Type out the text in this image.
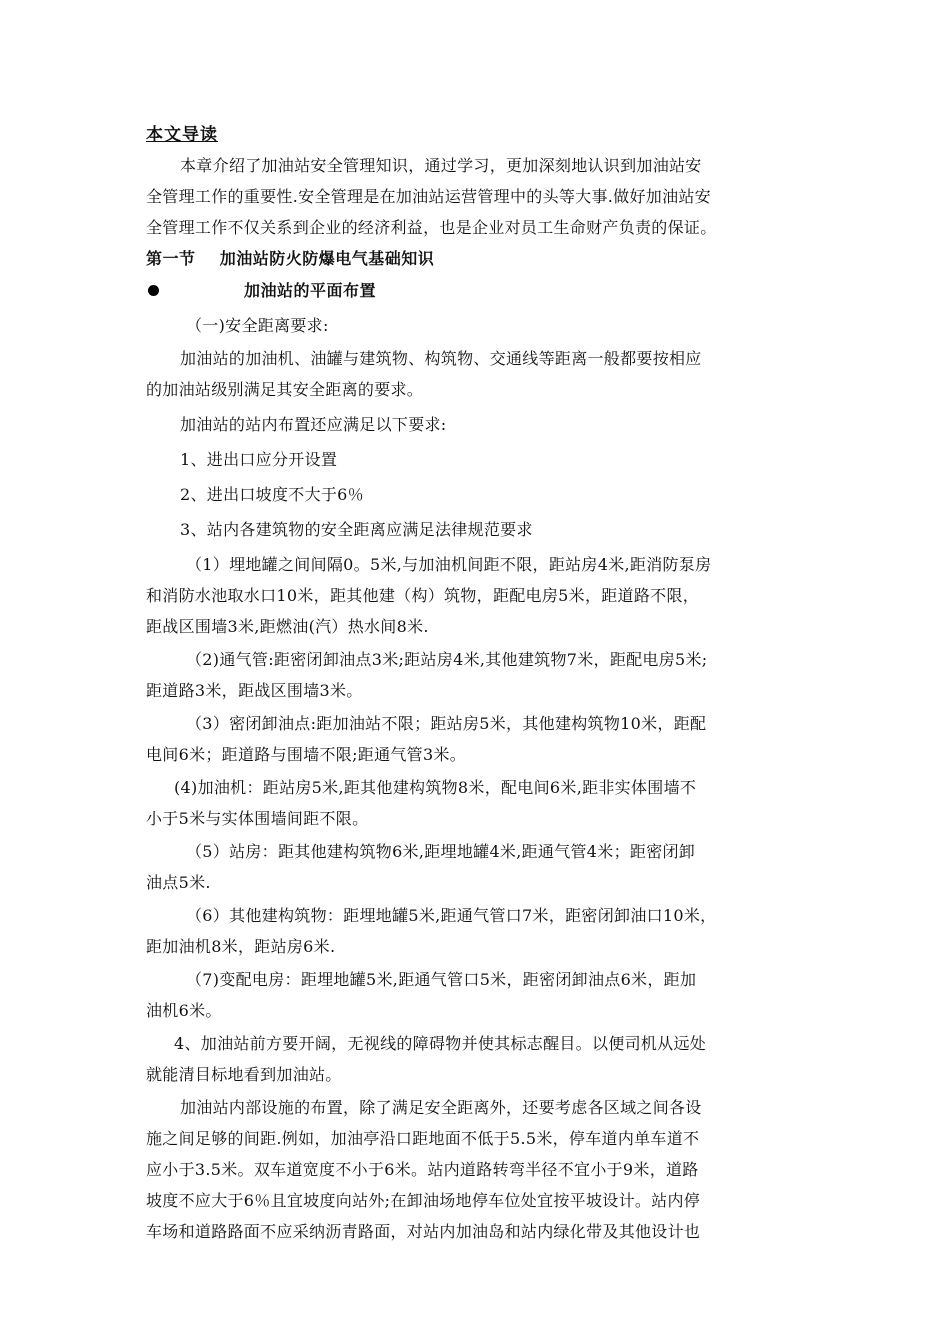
本文导读
本章介绍了加油站安全管理知识，通过学习，更加深刻地认识到加油站安
全管理工作的重要性.安全管理是在加油站运营管理中的头等大事.做好加油站安
全管理工作不仅关系到企业的经济利益，也是企业对员工生命财产负责的保证。
第一节    加油站防火防爆电气基础知识
加油站的平面布置
（一)安全距离要求:
加油站的加油机、油罐与建筑物、构筑物、交通线等距离一般都要按相应
的加油站级别满足其安全距离的要求。
加油站的站内布置还应满足以下要求:
1、进出口应分开设置
2、进出口坡度不大于6％
3、站内各建筑物的安全距离应满足法律规范要求
（1）埋地罐之间间隔0。5米,与加油机间距不限，距站房4米,距消防泵房
和消防水池取水口10米，距其他建（构）筑物，距配电房5米，距道路不限，
距战区围墙3米,距燃油(汽）热水间8米.
（2)通气管:距密闭卸油点3米;距站房4米,其他建筑物7米，距配电房5米;
距道路3米，距战区围墙3米。
（3）密闭卸油点:距加油站不限；距站房5米，其他建构筑物10米，距配
电间6米；距道路与围墙不限;距通气管3米。
(4)加油机：距站房5米,距其他建构筑物8米，配电间6米,距非实体围墙不
小于5米与实体围墙间距不限。
（5）站房：距其他建构筑物6米,距埋地罐4米,距通气管4米；距密闭卸
油点5米.
（6）其他建构筑物：距埋地罐5米,距通气管口7米，距密闭卸油口10米，
距加油机8米，距站房6米.
（7)变配电房：距埋地罐5米,距通气管口5米，距密闭卸油点6米，距加
油机6米。
4、加油站前方要开阔，无视线的障碍物并使其标志醒目。以便司机从远处
就能清目标地看到加油站。
加油站内部设施的布置，除了满足安全距离外，还要考虑各区域之间各设
施之间足够的间距.例如，加油亭沿口距地面不低于5.5米，停车道内单车道不
应小于3.5米。双车道宽度不小于6米。站内道路转弯半径不宜小于9米，道路
坡度不应大于6％且宜坡度向站外;在卸油场地停车位处宜按平坡设计。站内停
车场和道路路面不应采纳沥青路面，对站内加油岛和站内绿化带及其他设计也
